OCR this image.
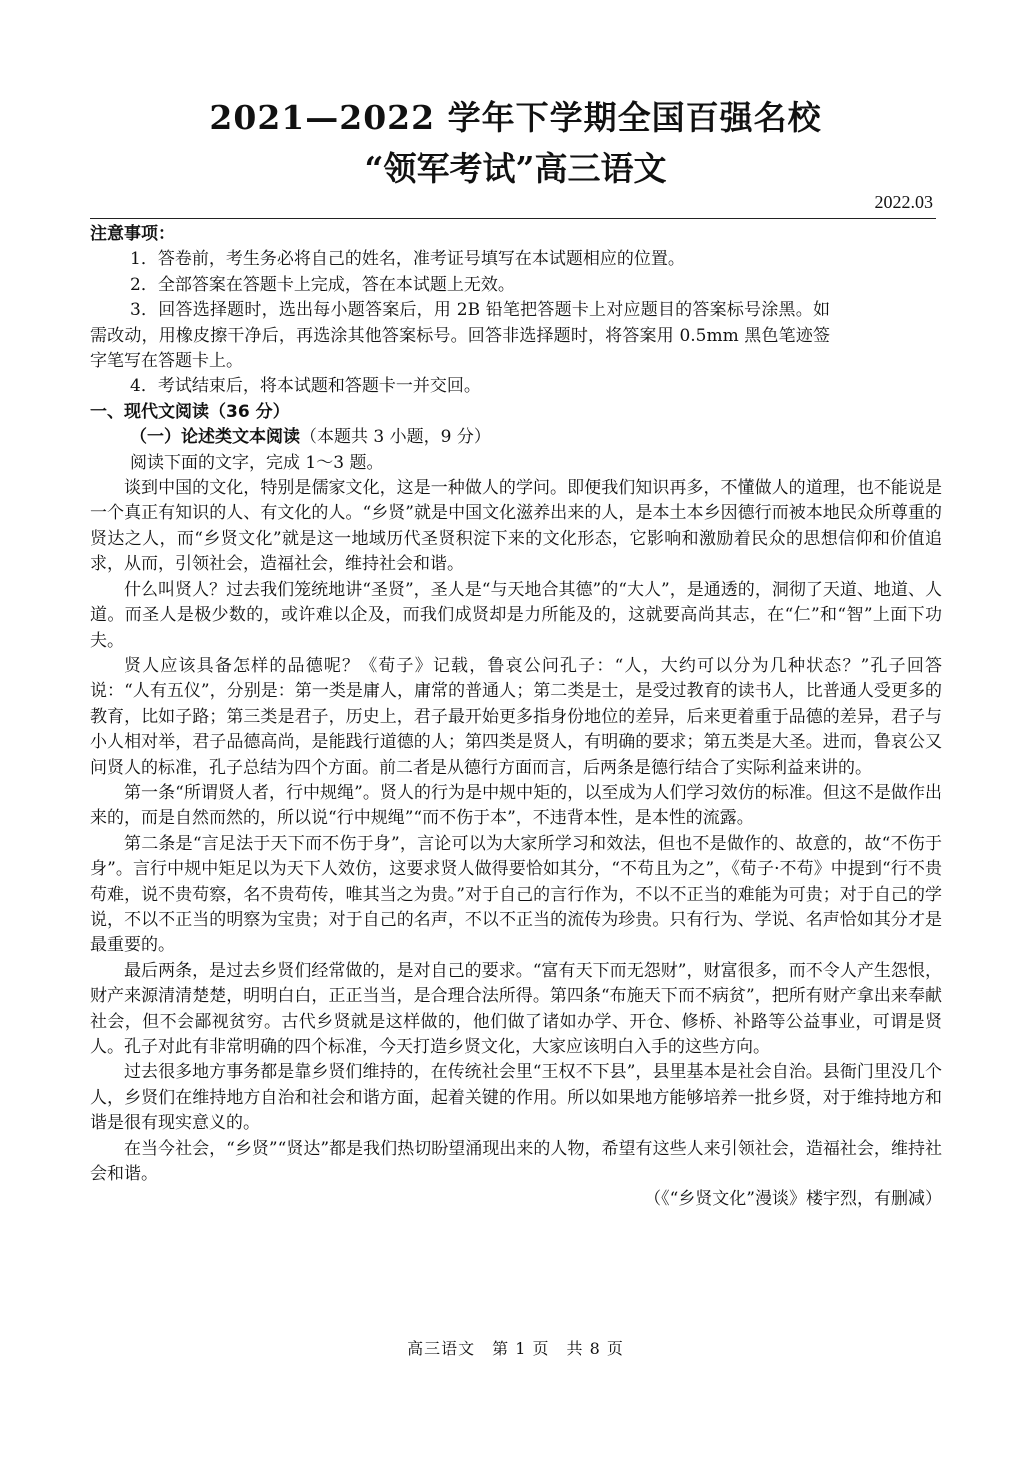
2021—2022 学年下学期全国百强名校
“领军考试”高三语文
2022.03

注意事项：

1．答卷前，考生务必将自己的姓名，准考证号填写在本试题相应的位置。

2．全部答案在答题卡上完成，答在本试题上无效。

3．回答选择题时，选出每小题答案后，用 2B 铅笔把答题卡上对应题目的答案标号涂黑。如需改动，用橡皮擦干净后，再选涂其他答案标号。回答非选择题时，将答案用 0.5mm 黑色笔迹签字笔写在答题卡上。

4．考试结束后，将本试题和答题卡一并交回。

一、现代文阅读（36 分）

（一）论述类文本阅读（本题共 3 小题，9 分）

阅读下面的文字，完成 1～3 题。

谈到中国的文化，特别是儒家文化，这是一种做人的学问。即便我们知识再多，不懂做人的道理，也不能说是一个真正有知识的人、有文化的人。“乡贤”就是中国文化滋养出来的人，是本土本乡因德行而被本地民众所尊重的贤达之人，而“乡贤文化”就是这一地域历代圣贤积淀下来的文化形态，它影响和激励着民众的思想信仰和价值追求，从而，引领社会，造福社会，维持社会和谐。

什么叫贤人？过去我们笼统地讲“圣贤”，圣人是“与天地合其德”的“大人”，是通透的，洞彻了天道、地道、人道。而圣人是极少数的，或许难以企及，而我们成贤却是力所能及的，这就要高尚其志，在“仁”和“智”上面下功夫。

贤人应该具备怎样的品德呢？《荀子》记载，鲁哀公问孔子：“人，大约可以分为几种状态？”孔子回答说：“人有五仪”，分别是：第一类是庸人，庸常的普通人；第二类是士，是受过教育的读书人，比普通人受更多的教育，比如子路；第三类是君子，历史上，君子最开始更多指身份地位的差异，后来更着重于品德的差异，君子与小人相对举，君子品德高尚，是能践行道德的人；第四类是贤人，有明确的要求；第五类是大圣。进而，鲁哀公又问贤人的标准，孔子总结为四个方面。前二者是从德行方面而言，后两条是德行结合了实际利益来讲的。

第一条“所谓贤人者，行中规绳”。贤人的行为是中规中矩的，以至成为人们学习效仿的标准。但这不是做作出来的，而是自然而然的，所以说“行中规绳”“而不伤于本”，不违背本性，是本性的流露。

第二条是“言足法于天下而不伤于身”，言论可以为大家所学习和效法，但也不是做作的、故意的，故“不伤于身”。言行中规中矩足以为天下人效仿，这要求贤人做得要恰如其分，“不苟且为之”，《荀子·不苟》中提到“行不贵苟难，说不贵苟察，名不贵苟传，唯其当之为贵。”对于自己的言行作为，不以不正当的难能为可贵；对于自己的学说，不以不正当的明察为宝贵；对于自己的名声，不以不正当的流传为珍贵。只有行为、学说、名声恰如其分才是最重要的。

最后两条，是过去乡贤们经常做的，是对自己的要求。“富有天下而无怨财”，财富很多，而不令人产生怨恨，财产来源清清楚楚，明明白白，正正当当，是合理合法所得。第四条“布施天下而不病贫”，把所有财产拿出来奉献社会，但不会鄙视贫穷。古代乡贤就是这样做的，他们做了诸如办学、开仓、修桥、补路等公益事业，可谓是贤人。孔子对此有非常明确的四个标准，今天打造乡贤文化，大家应该明白入手的这些方向。

过去很多地方事务都是靠乡贤们维持的，在传统社会里“王权不下县”，县里基本是社会自治。县衙门里没几个人，乡贤们在维持地方自治和社会和谐方面，起着关键的作用。所以如果地方能够培养一批乡贤，对于维持地方和谐是很有现实意义的。

在当今社会，“乡贤”“贤达”都是我们热切盼望涌现出来的人物，希望有这些人来引领社会，造福社会，维持社会和谐。

（《“乡贤文化”漫谈》楼宇烈，有删减）

高三语文　第 1 页　共 8 页
